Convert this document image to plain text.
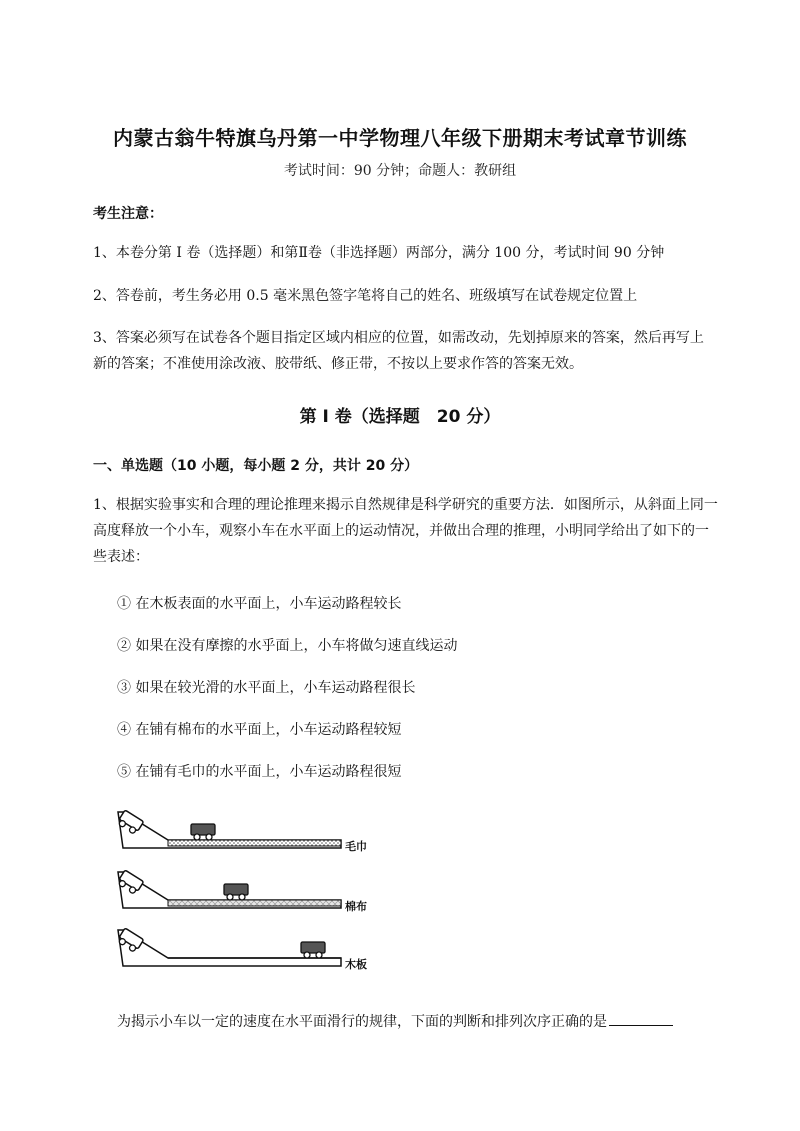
内蒙古翁牛特旗乌丹第一中学物理八年级下册期末考试章节训练
考试时间：90 分钟；命题人：教研组
考生注意：
1、本卷分第 I 卷（选择题）和第Ⅱ卷（非选择题）两部分，满分 100 分，考试时间 90 分钟
2、答卷前，考生务必用 0.5 毫米黑色签字笔将自己的姓名、班级填写在试卷规定位置上
3、答案必须写在试卷各个题目指定区域内相应的位置，如需改动，先划掉原来的答案，然后再写上新的答案；不准使用涂改液、胶带纸、修正带，不按以上要求作答的答案无效。
第 I 卷（选择题　20 分）
一、单选题（10 小题，每小题 2 分，共计 20 分）
1、根据实验事实和合理的理论推理来揭示自然规律是科学研究的重要方法．如图所示，从斜面上同一高度释放一个小车，观察小车在水平面上的运动情况，并做出合理的推理，小明同学给出了如下的一些表述：
① 在木板表面的水平面上，小车运动路程较长
② 如果在没有摩擦的水乎面上，小车将做匀速直线运动
③ 如果在较光滑的水平面上，小车运动路程很长
④ 在铺有棉布的水平面上，小车运动路程较短
⑤ 在铺有毛巾的水平面上，小车运动路程很短
毛巾
棉布
木板
为揭示小车以一定的速度在水平面滑行的规律，下面的判断和排列次序正确的是
